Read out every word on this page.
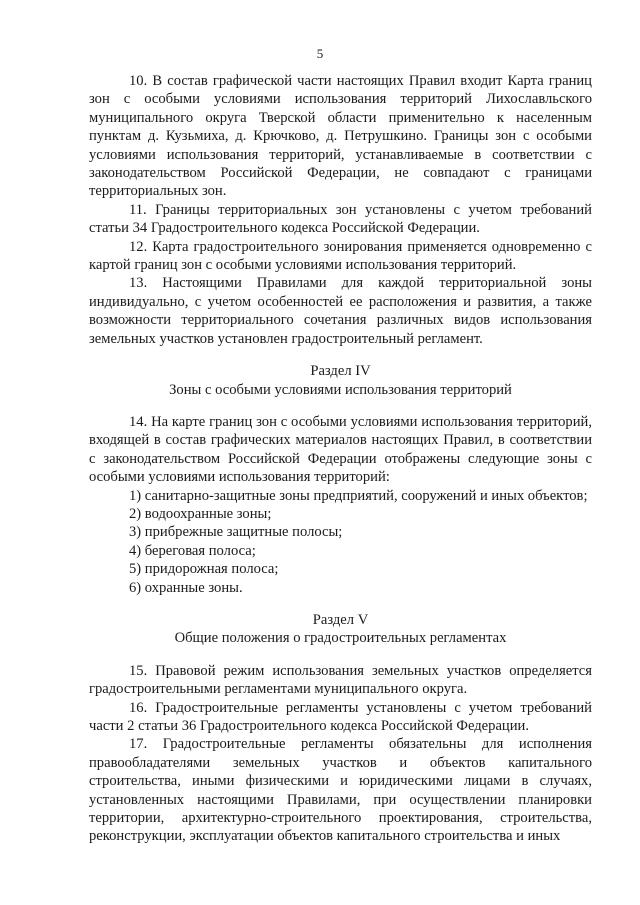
5

10. В состав графической части настоящих Правил входит Карта границ зон с особыми условиями использования территорий Лихославльского муниципального округа Тверской области применительно к населенным пунктам д. Кузьмиха, д. Крючково, д. Петрушкино. Границы зон с особыми условиями использования территорий, устанавливаемые в соответствии с законодательством Российской Федерации, не совпадают с границами территориальных зон.

11. Границы территориальных зон установлены с учетом требований статьи 34 Градостроительного кодекса Российской Федерации.

12. Карта градостроительного зонирования применяется одновременно с картой границ зон с особыми условиями использования территорий.

13. Настоящими Правилами для каждой территориальной зоны индивидуально, с учетом особенностей ее расположения и развития, а также возможности территориального сочетания различных видов использования земельных участков установлен градостроительный регламент.

Раздел IV

Зоны с особыми условиями использования территорий

14. На карте границ зон с особыми условиями использования территорий, входящей в состав графических материалов настоящих Правил, в соответствии с законодательством Российской Федерации отображены следующие зоны с особыми условиями использования территорий:

1) санитарно-защитные зоны предприятий, сооружений и иных объектов;

2) водоохранные зоны;

3) прибрежные защитные полосы;

4) береговая полоса;

5) придорожная полоса;

6) охранные зоны.

Раздел V

Общие положения о градостроительных регламентах

15. Правовой режим использования земельных участков определяется градостроительными регламентами муниципального округа.

16. Градостроительные регламенты установлены с учетом требований части 2 статьи 36 Градостроительного кодекса Российской Федерации.

17. Градостроительные регламенты обязательны для исполнения правообладателями земельных участков и объектов капитального строительства, иными физическими и юридическими лицами в случаях, установленных настоящими Правилами, при осуществлении планировки территории, архитектурно-строительного проектирования, строительства, реконструкции, эксплуатации объектов капитального строительства и иных
